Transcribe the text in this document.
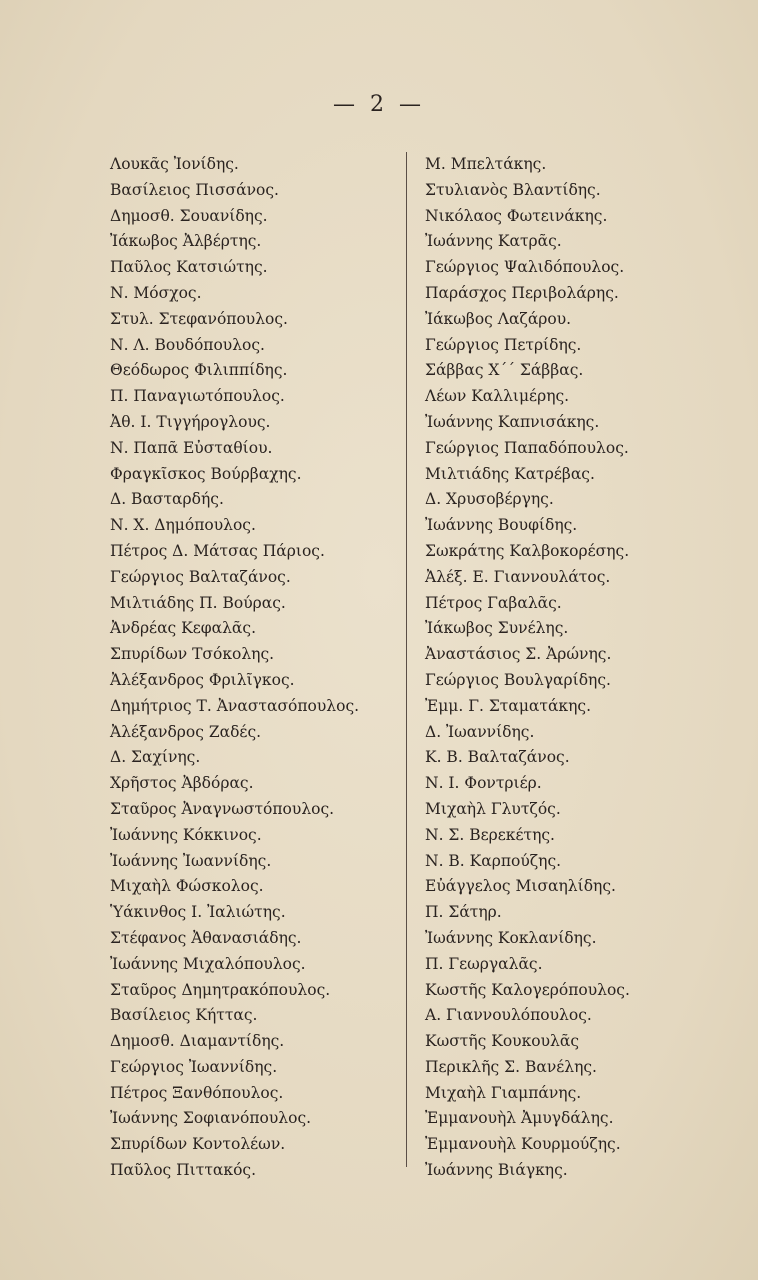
— 2 —
Λουκᾶς Ἰονίδης.
Βασίλειος Πισσάνος.
Δημοσθ. Σουανίδης.
Ἰάκωβος Ἀλβέρτης.
Παῦλος Κατσιώτης.
Ν. Μόσχος.
Στυλ. Στεφανόπουλος.
Ν. Λ. Βουδόπουλος.
Θεόδωρος Φιλιππίδης.
Π. Παναγιωτόπουλος.
Ἀθ. Ι. Τιγγήρογλους.
Ν. Παπᾶ Εὐσταθίου.
Φραγκῖσκος Βούρβαχης.
Δ. Βασταρδής.
Ν. Χ. Δημόπουλος.
Πέτρος Δ. Μάτσας Πάριος.
Γεώργιος Βαλταζάνος.
Μιλτιάδης Π. Βούρας.
Ἀνδρέας Κεφαλᾶς.
Σπυρίδων Τσόκολης.
Ἀλέξανδρος Φριλῖγκος.
Δημήτριος Τ. Ἀναστασόπουλος.
Ἀλέξανδρος Ζαδές.
Δ. Σαχίνης.
Χρῆστος Ἀβδόρας.
Σταῦρος Ἀναγνωστόπουλος.
Ἰωάννης Κόκκινος.
Ἰωάννης Ἰωαννίδης.
Μιχαὴλ Φώσκολος.
Ὑάκινθος Ι. Ἰαλιώτης.
Στέφανος Ἀθανασιάδης.
Ἰωάννης Μιχαλόπουλος.
Σταῦρος Δημητρακόπουλος.
Βασίλειος Κήττας.
Δημοσθ. Διαμαντίδης.
Γεώργιος Ἰωαννίδης.
Πέτρος Ξανθόπουλος.
Ἰωάννης Σοφιανόπουλος.
Σπυρίδων Κοντολέων.
Παῦλος Πιττακός.
Μ. Μπελτάκης.
Στυλιανὸς Βλαντίδης.
Νικόλαος Φωτεινάκης.
Ἰωάννης Κατρᾶς.
Γεώργιος Ψαλιδόπουλος.
Παράσχος Περιβολάρης.
Ἰάκωβος Λαζάρου.
Γεώργιος Πετρίδης.
Σάββας Χ΄΄ Σάββας.
Λέων Καλλιμέρης.
Ἰωάννης Καπνισάκης.
Γεώργιος Παπαδόπουλος.
Μιλτιάδης Κατρέβας.
Δ. Χρυσοβέργης.
Ἰωάννης Βουφίδης.
Σωκράτης Καλβοκορέσης.
Ἀλέξ. Ε. Γιαννουλάτος.
Πέτρος Γαβαλᾶς.
Ἰάκωβος Συνέλης.
Ἀναστάσιος Σ. Ἀρώνης.
Γεώργιος Βουλγαρίδης.
Ἐμμ. Γ. Σταματάκης.
Δ. Ἰωαννίδης.
Κ. Β. Βαλταζάνος.
Ν. Ι. Φοντριέρ.
Μιχαὴλ Γλυτζός.
Ν. Σ. Βερεκέτης.
Ν. Β. Καρπούζης.
Εὐάγγελος Μισαηλίδης.
Π. Σάτηρ.
Ἰωάννης Κοκλανίδης.
Π. Γεωργαλᾶς.
Κωστῆς Καλογερόπουλος.
Α. Γιαννουλόπουλος.
Κωστῆς Κουκουλᾶς
Περικλῆς Σ. Βανέλης.
Μιχαὴλ Γιαμπάνης.
Ἐμμανουὴλ Ἀμυγδάλης.
Ἐμμανουὴλ Κουρμούζης.
Ἰωάννης Βιάγκης.
